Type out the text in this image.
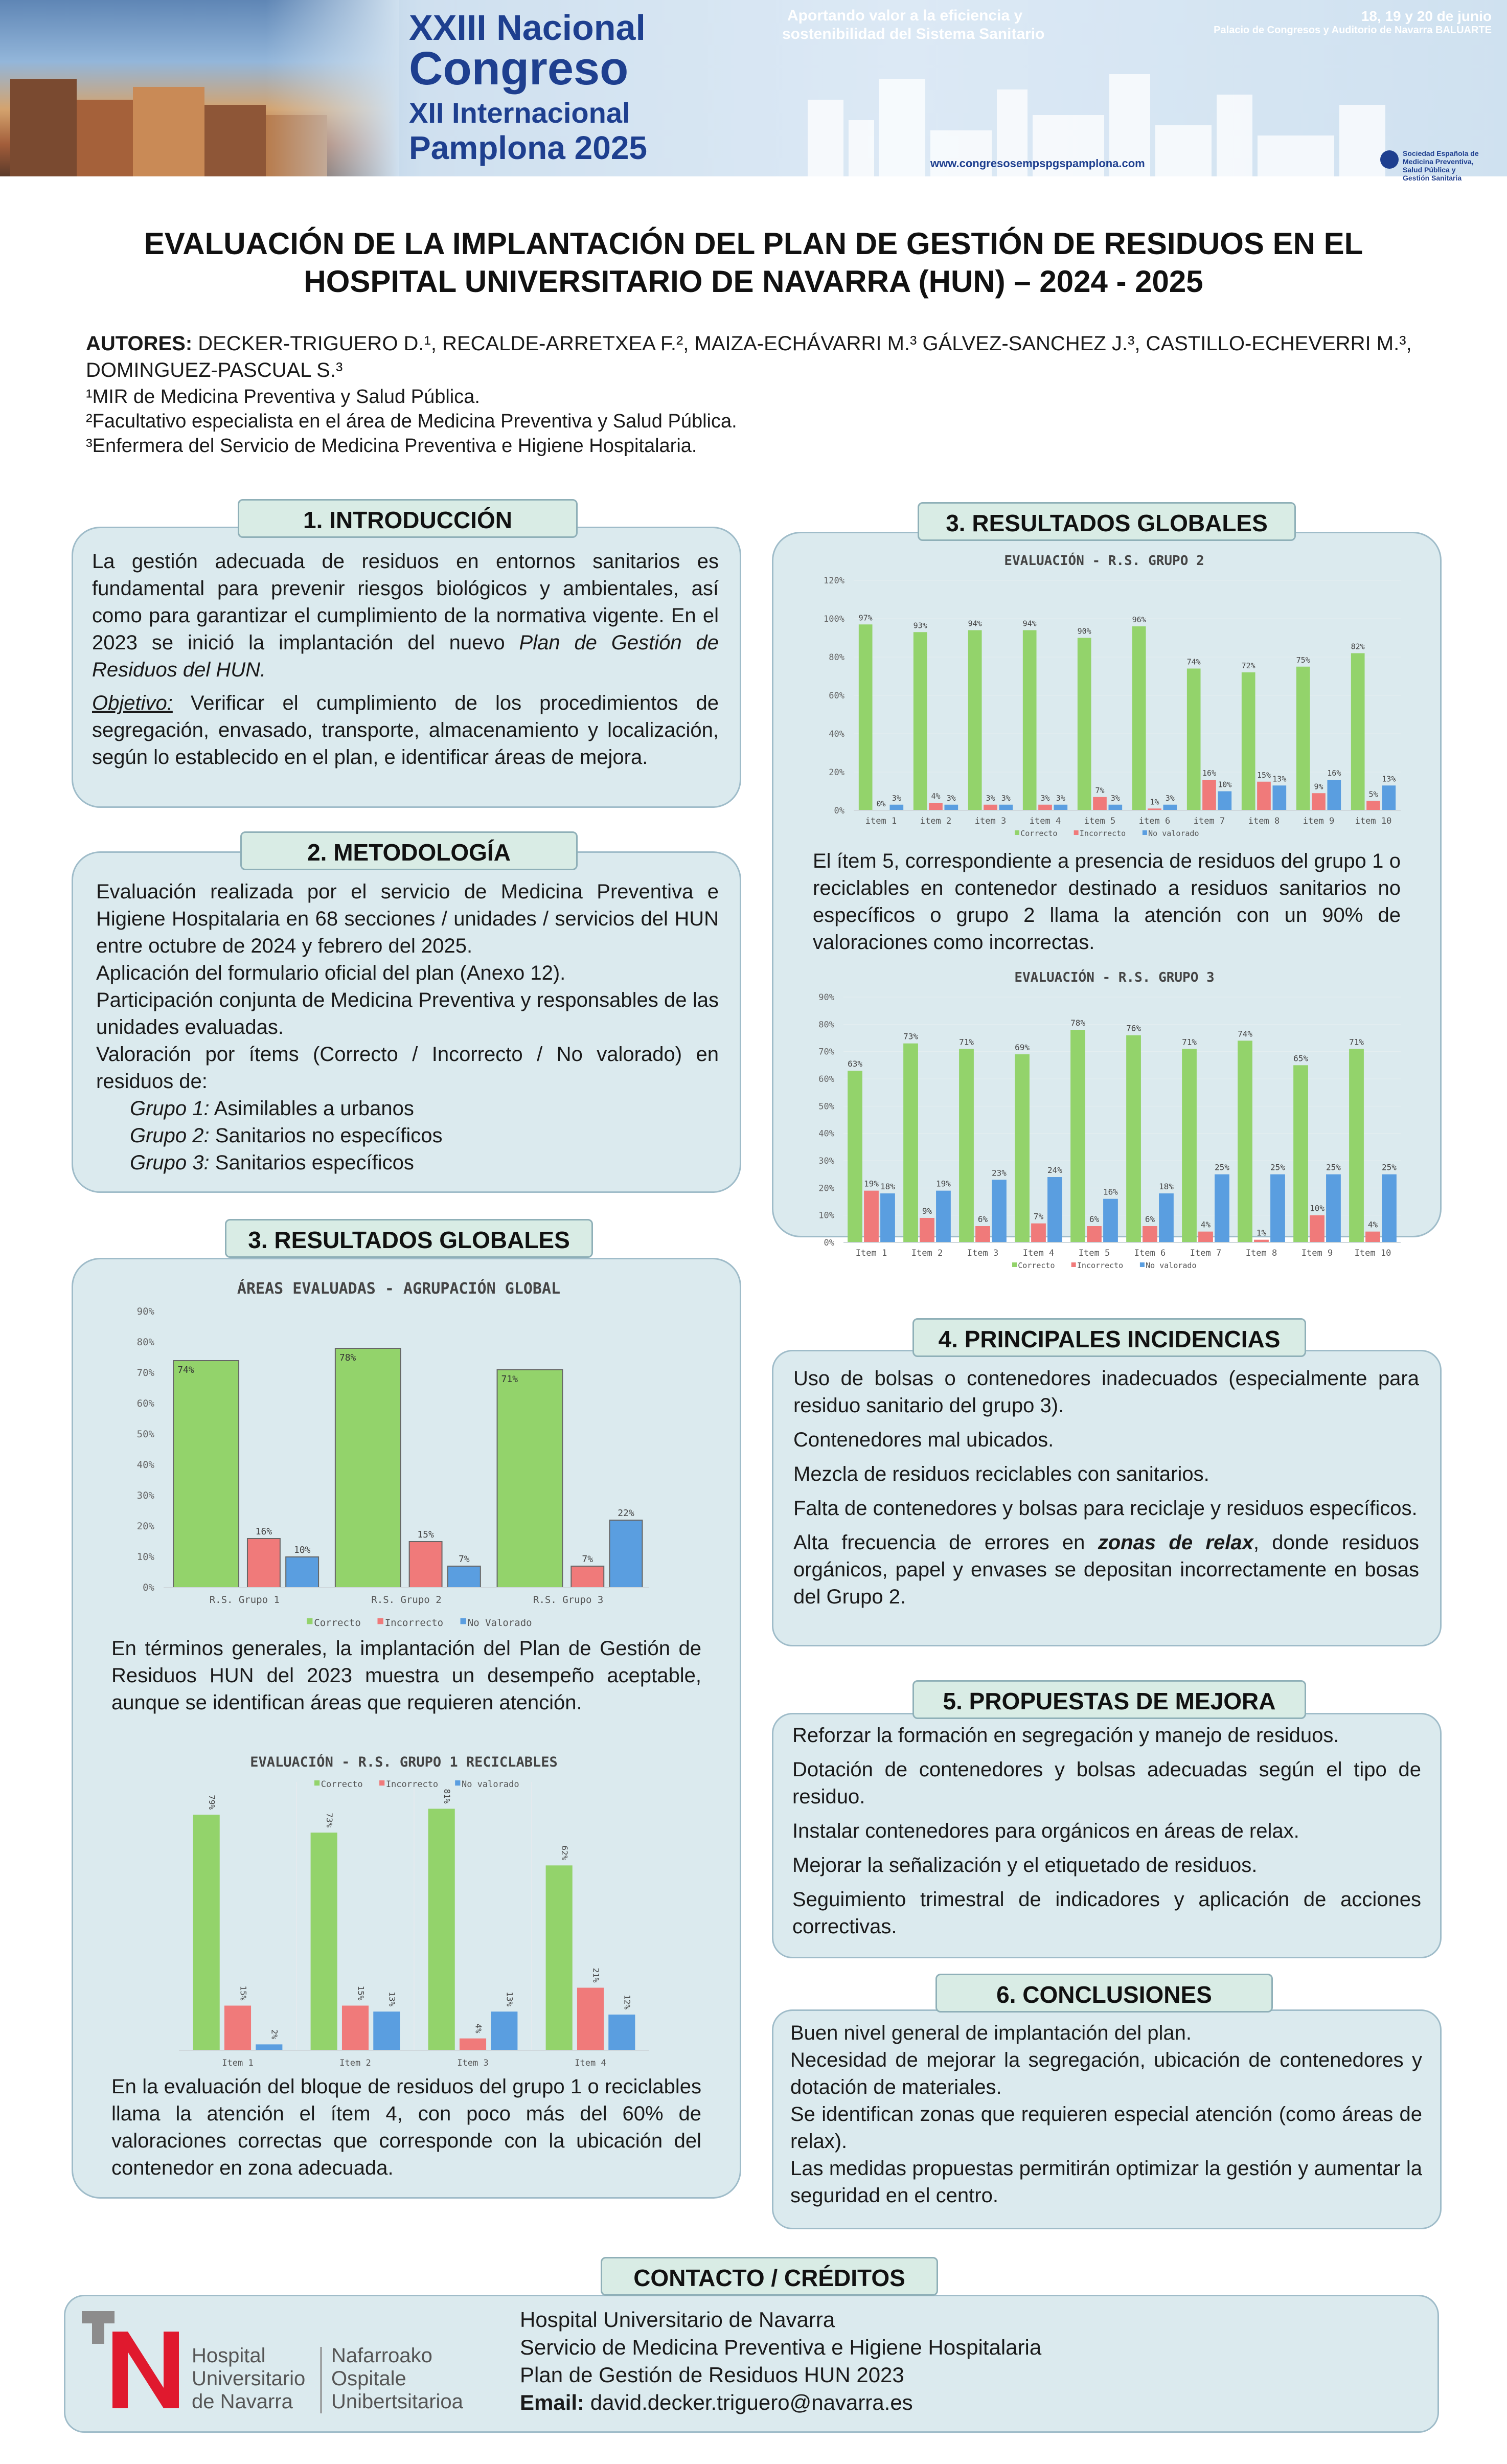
XXIII Nacional
Congreso
XII Internacional
Pamplona 2025
Aportando valor a la eficiencia y
sostenibilidad del Sistema Sanitario
18, 19 y 20 de junio
Palacio de Congresos y Auditorio de Navarra BALUARTE
www.congresosempspgspamplona.com
Sociedad Española de Medicina Preventiva, Salud Pública y Gestión Sanitaria
EVALUACIÓN DE LA IMPLANTACIÓN DEL PLAN DE GESTIÓN DE RESIDUOS EN EL
HOSPITAL UNIVERSITARIO DE NAVARRA (HUN) – 2024 - 2025
AUTORES: DECKER-TRIGUERO D.¹, RECALDE-ARRETXEA F.², MAIZA-ECHÁVARRI M.³ GÁLVEZ-SANCHEZ J.³, CASTILLO-ECHEVERRI M.³, DOMINGUEZ-PASCUAL S.³
¹MIR de Medicina Preventiva y Salud Pública.
²Facultativo especialista en el área de Medicina Preventiva y Salud Pública.
³Enfermera del Servicio de Medicina Preventiva e Higiene Hospitalaria.
1. INTRODUCCIÓN

La gestión adecuada de residuos en entornos sanitarios es fundamental para prevenir riesgos biológicos y ambientales, así como para garantizar el cumplimiento de la normativa vigente. En el 2023 se inició la implantación del nuevo Plan de Gestión de Residuos del HUN.

Objetivo: Verificar el cumplimiento de los procedimientos de segregación, envasado, transporte, almacenamiento y localización, según lo establecido en el plan, e identificar áreas de mejora.

2. METODOLOGÍA
Evaluación realizada por el servicio de Medicina Preventiva e Higiene Hospitalaria en 68 secciones / unidades / servicios del HUN entre octubre de 2024 y febrero del 2025.
Aplicación del formulario oficial del plan (Anexo 12).
Participación conjunta de Medicina Preventiva y responsables de las unidades evaluadas.
Valoración por ítems (Correcto / Incorrecto / No valorado) en residuos de:
Grupo 1: Asimilables a urbanos
Grupo 2: Sanitarios no específicos
Grupo 3: Sanitarios específicos
3. RESULTADOS GLOBALES
ÁREAS EVALUADAS - AGRUPACIÓN GLOBAL
0%
10%
20%
30%
40%
50%
60%
70%
80%
90%
74%
16%
10%
R.S. Grupo 1
78%
15%
7%
R.S. Grupo 2
71%
7%
22%
R.S. Grupo 3
Correcto Incorrecto	No Valorado
En términos generales, la implantación del Plan de Gestión de Residuos HUN del 2023 muestra un desempeño aceptable, aunque se identifican áreas que requieren atención.
EVALUACIÓN - R.S. GRUPO 1 RECICLABLES
79%
15%
2%
Item 1
73%
15%	13%
Item 2
81%
4%
13%
Item 3
62%
21%
12%
Item 4
Correcto	Incorrecto	No valorado
En la evaluación del bloque de residuos del grupo 1 o reciclables llama la atención el ítem 4, con poco más del 60% de valoraciones correctas que corresponde con la ubicación del contenedor en zona adecuada.
3. RESULTADOS GLOBALES
EVALUACIÓN - R.S. GRUPO 2
0%
20%
40%
60%
80%
100%
120%
97%
0%
3%
item 1
93%
4% 3%
item 2
94%
3% 3%
item 3
94%
3% 3%
item 4
90%
7%
3%
item 5
96%
1% 3%
item 6
74%
16%
10%
item 7
72%
15% 13%
item 8
75%
9%
16%
item 9
82%
5%
13%
item 10
Correcto	Incorrecto	No valorado
El ítem 5, correspondiente a presencia de residuos del grupo 1 o reciclables en contenedor destinado a residuos sanitarios no específicos o grupo 2 llama la atención con un 90% de valoraciones como incorrectas.
EVALUACIÓN - R.S. GRUPO 3
0%
10%
20%
30%
40%
50%
60%
70%
80%
90%
63%
19% 18%
Item 1
73%
9%
19%
Item 2
71%
6%
23%
Item 3
69%
7%
24%
Item 4
78%
6%
16%
Item 5
76%
6%
18%
Item 6
71%
4%
25%
Item 7
74%
1%
25%
Item 8
65%
10%
25%
Item 9
71%
4%
25%
Item 10
Correcto	Incorrecto	No valorado
4. PRINCIPALES INCIDENCIAS

Uso de bolsas o contenedores inadecuados (especialmente para residuo sanitario del grupo 3).

Contenedores mal ubicados.

Mezcla de residuos reciclables con sanitarios.

Falta de contenedores y bolsas para reciclaje y residuos específicos.

Alta frecuencia de errores en zonas de relax, donde residuos orgánicos, papel y envases se depositan incorrectamente en bosas del Grupo 2.

5. PROPUESTAS DE MEJORA

Reforzar la formación en segregación y manejo de residuos.

Dotación de contenedores y bolsas adecuadas según el tipo de residuo.

Instalar contenedores para orgánicos en áreas de relax.

Mejorar la señalización y el etiquetado de residuos.

Seguimiento trimestral de indicadores y aplicación de acciones correctivas.

6. CONCLUSIONES
Buen nivel general de implantación del plan.
Necesidad de mejorar la segregación, ubicación de contenedores y dotación de materiales.
Se identifican zonas que requieren especial atención (como áreas de relax).
Las medidas propuestas permitirán optimizar la gestión y aumentar la seguridad en el centro.
CONTACTO / CRÉDITOS
Hospital
Universitario
de Navarra
Nafarroako
Ospitale
Unibertsitarioa
Hospital Universitario de Navarra
Servicio de Medicina Preventiva e Higiene Hospitalaria
Plan de Gestión de Residuos HUN 2023
Email: david.decker.triguero@navarra.es
